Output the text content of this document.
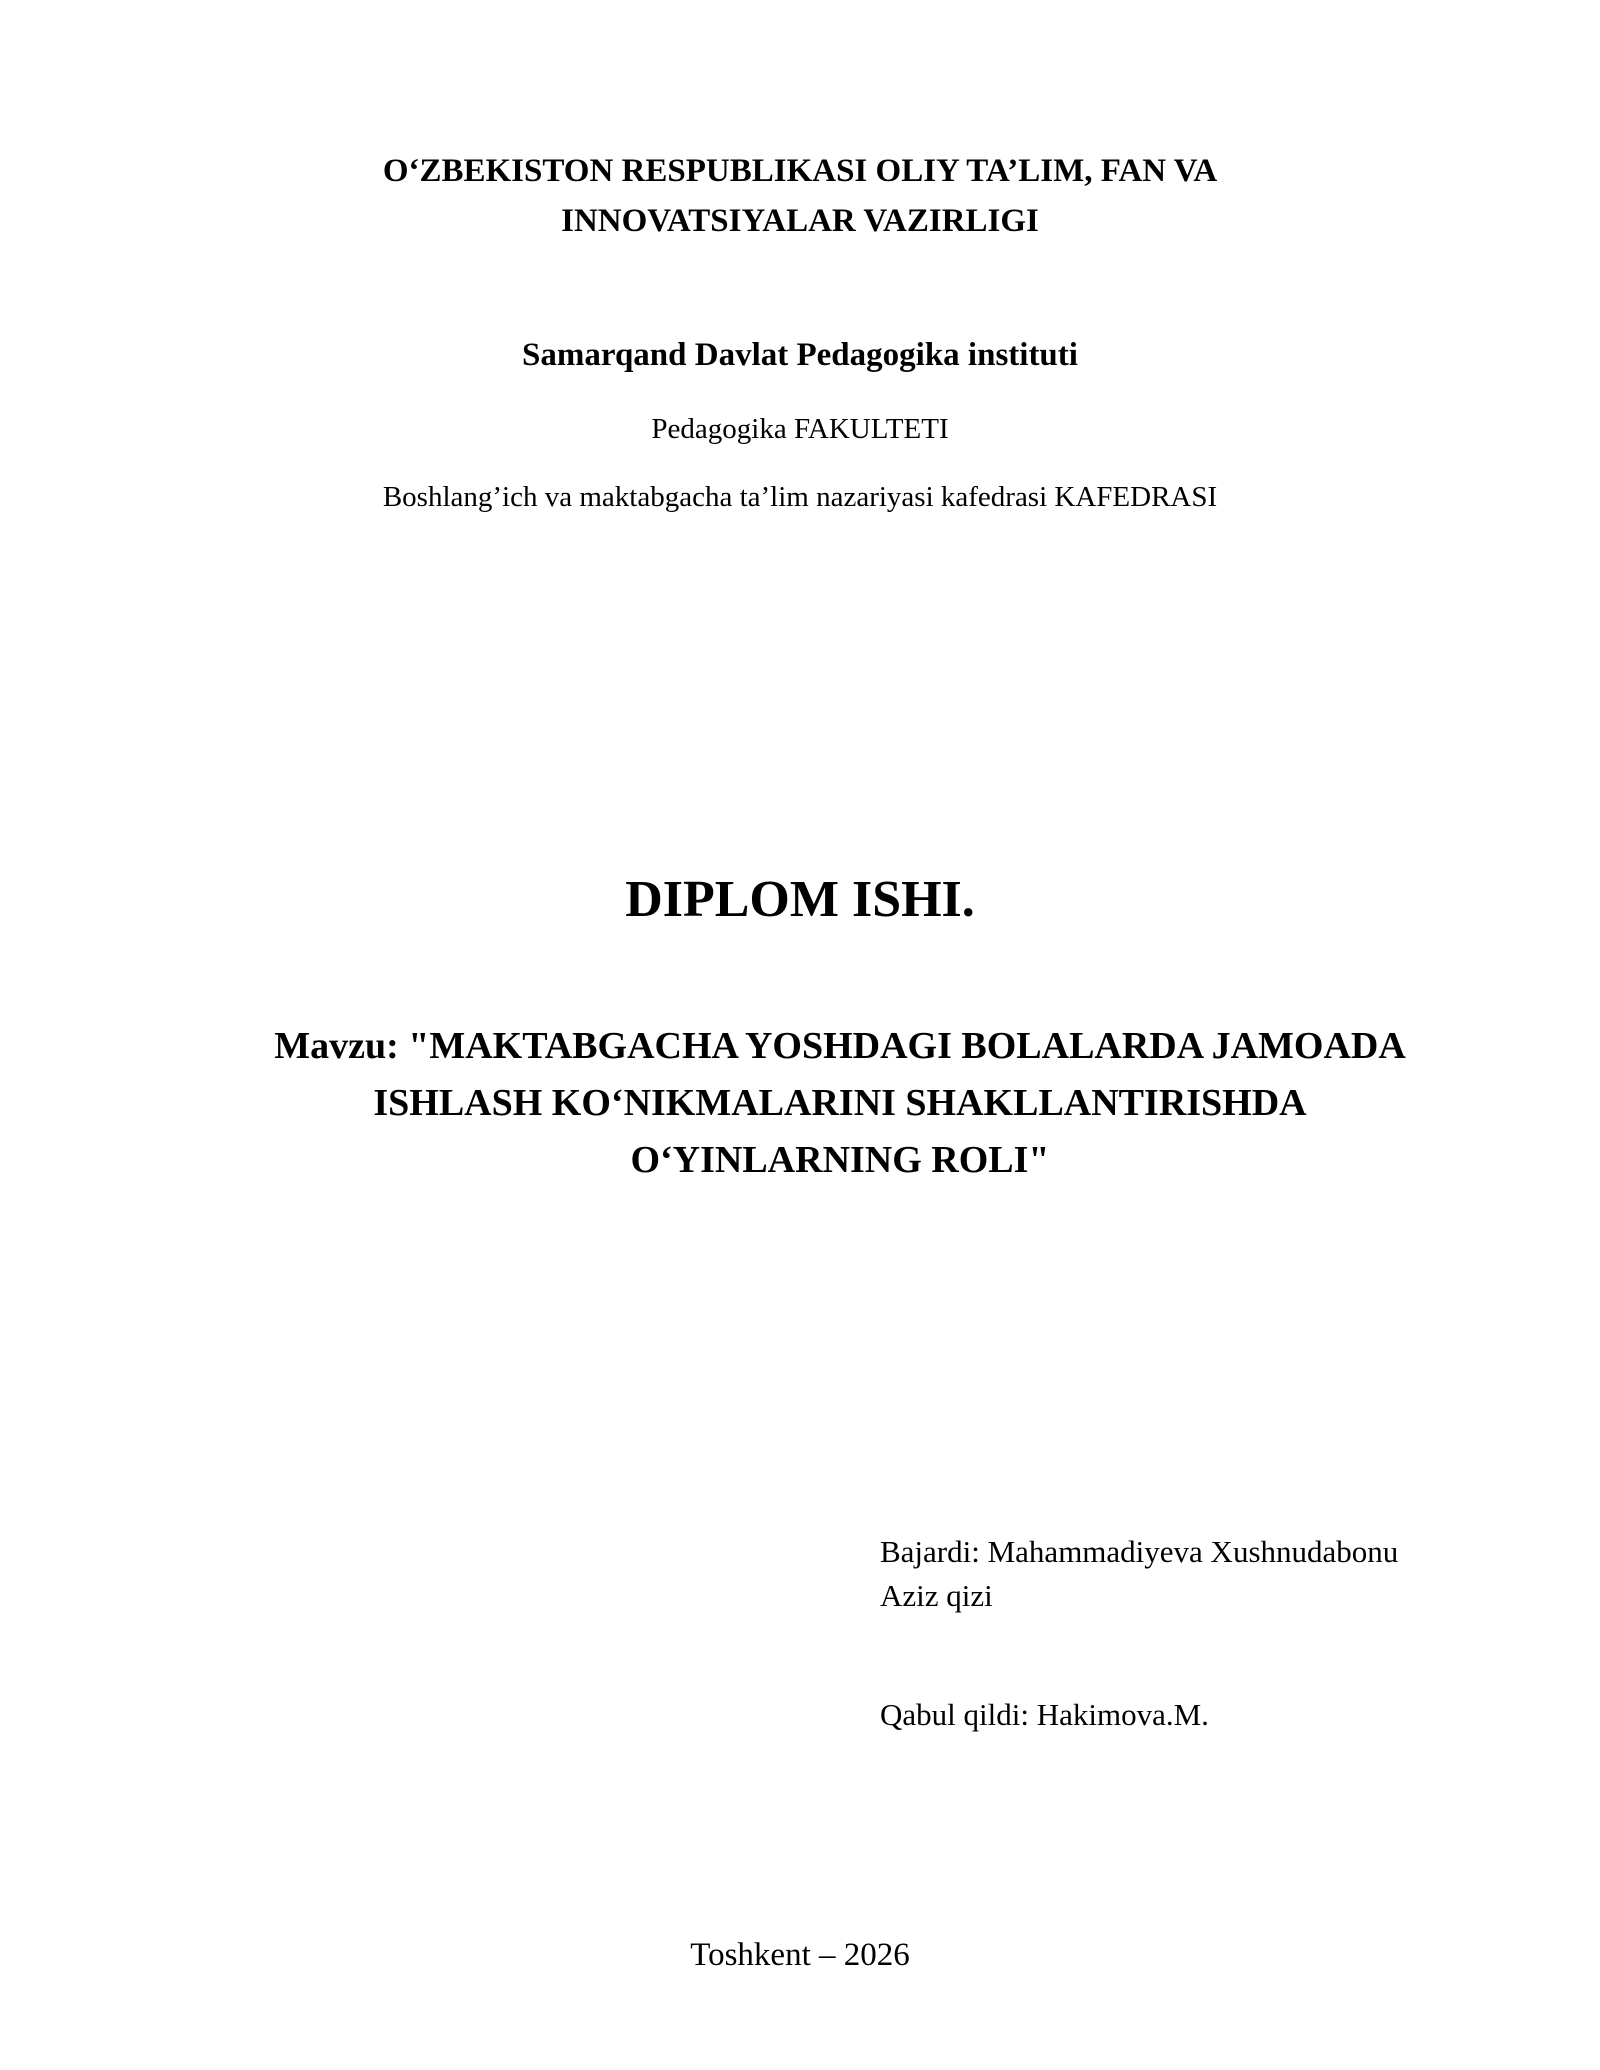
O‘ZBEKISTON RESPUBLIKASI OLIY TA’LIM, FAN VA
INNOVATSIYALAR VAZIRLIGI
Samarqand Davlat Pedagogika instituti
Pedagogika FAKULTETI
Boshlang’ich va maktabgacha ta’lim nazariyasi kafedrasi KAFEDRASI
DIPLOM ISHI.
Mavzu: "MAKTABGACHA YOSHDAGI BOLALARDA JAMOADA
ISHLASH KO‘NIKMALARINI SHAKLLANTIRISHDA
O‘YINLARNING ROLI"
Bajardi: Mahammadiyeva Xushnudabonu
Aziz qizi
Qabul qildi: Hakimova.M.
Toshkent – 2026
